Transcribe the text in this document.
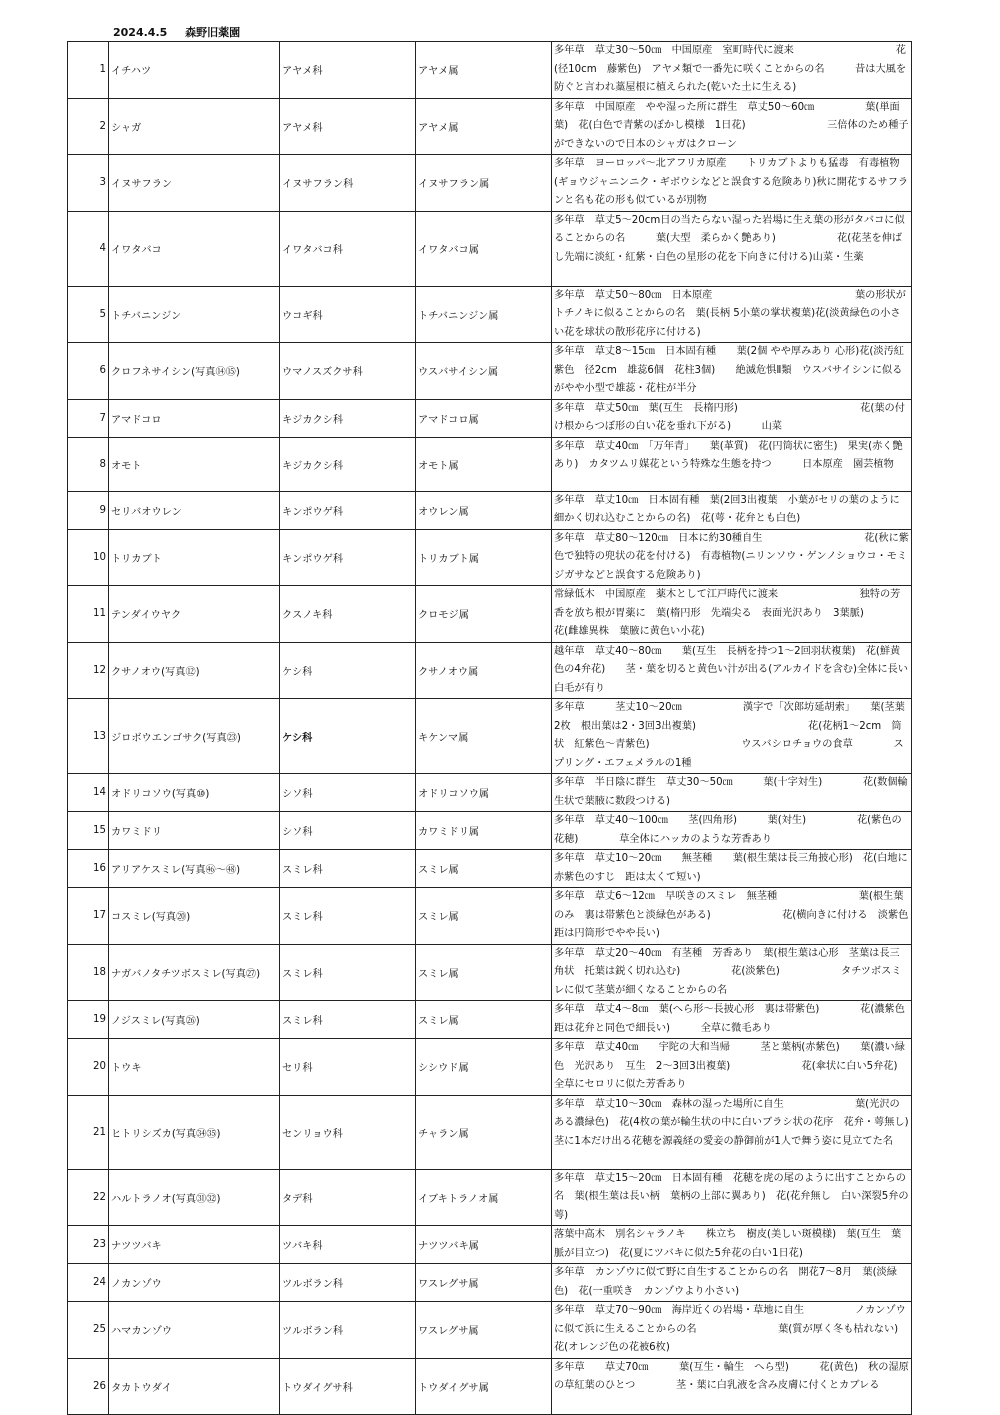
2024.4.5 森野旧薬園
1	イチハツ	アヤメ科	アヤメ属	多年草　草丈30～50㎝　中国原産　室町時代に渡来　　　　　　　　　　花(径10cm　藤紫色)　アヤメ類で一番先に咲くことからの名　　　昔は大風を防ぐと言われ藁屋根に植えられた(乾いた土に生える)
2	シャガ	アヤメ科	アヤメ属	多年草　中国原産　やや湿った所に群生　草丈50～60㎝　　　　　葉(単面葉)　花(白色で青紫のぼかし模様　1日花)　　　　　　　　三倍体のため種子ができないので日本のシャガはクローン
3	イヌサフラン	イヌサフラン科	イヌサフラン属	多年草　ヨーロッパ～北アフリカ原産　　トリカブトよりも猛毒　有毒植物(ギョウジャニンニク・ギボウシなどと誤食する危険あり)秋に開花するサフランと名も花の形も似ているが別物
4	イワタバコ	イワタバコ科	イワタバコ属	多年草　草丈5～20cm日の当たらない湿った岩場に生え葉の形がタバコに似ることからの名　　　葉(大型　柔らかく艶あり)　　　　　　花(花茎を伸ばし先端に淡紅・紅紫・白色の星形の花を下向きに付ける)山菜・生薬
5	トチバニンジン	ウコギ科	トチバニンジン属	多年草　草丈50～80㎝　日本原産　　　　　　　　　　　　　　葉の形状がトチノキに似ることからの名　葉(長柄 5小葉の掌状複葉)花(淡黄緑色の小さい花を球状の散形花序に付ける)
6	クロフネサイシン(写真⑭⑮)	ウマノスズクサ科	ウスバサイシン属	多年草　草丈8～15㎝　日本固有種　　葉(2個 やや厚みあり 心形)花(淡汚紅紫色　径2cm　雄蕊6個　花柱3個)　　絶滅危惧Ⅱ類　ウスバサイシンに似るがやや小型で雄蕊・花柱が半分
7	アマドコロ	キジカクシ科	アマドコロ属	多年草　草丈50㎝　葉(互生　長楕円形)　　　　　　　　　　　　花(葉の付け根からつぼ形の白い花を垂れ下がる)　　　山菜
8	オモト	キジカクシ科	オモト属	多年草　草丈40㎝　「万年青」　　葉(革質)　花(円筒状に密生)　果実(赤く艶あり)　カタツムリ媒花という特殊な生態を持つ　　　日本原産　園芸植物
9	セリバオウレン	キンポウゲ科	オウレン属	多年草　草丈10㎝　日本固有種　葉(2回3出複葉　小葉がセリの葉のように細かく切れ込むことからの名)　花(萼・花弁とも白色)
10	トリカブト	キンポウゲ科	トリカブト属	多年草　草丈80～120㎝　日本に約30種自生　　　　　　　　　　花(秋に紫色で独特の兜状の花を付ける)　有毒植物(ニリンソウ・ゲンノショウコ・モミジガサなどと誤食する危険あり)
11	テンダイウヤク	クスノキ科	クロモジ属	常緑低木　中国原産　薬木として江戸時代に渡来　　　　　　　　独特の芳香を放ち根が胃薬に　葉(楕円形　先端尖る　表面光沢あり　3葉脈)　　　　花(雌雄異株　葉腋に黄色い小花)
12	クサノオウ(写真⑫)	ケシ科	クサノオウ属	越年草　草丈40～80㎝　　葉(互生　長柄を持つ1～2回羽状複葉)　花(鮮黄色の4弁花)　　茎・葉を切ると黄色い汁が出る(アルカイドを含む)全体に長い白毛が有り
13	ジロボウエンゴサク(写真㉓)	ケシ科	キケンマ属	多年草　　　茎丈10～20㎝　　　　　　漢字で「次郎坊延胡索」　　葉(茎葉2枚　根出葉は2・3回3出複葉)　　　　　　　　　　　花(花柄1～2cm　筒状　紅紫色～青紫色)　　　　　　　　　ウスバシロチョウの食草　　　　スプリング・エフェメラルの1種
14	オドリコソウ(写真⑩)	シソ科	オドリコソウ属	多年草　半日陰に群生　草丈30～50㎝　　　葉(十字対生)　　　　花(数個輪生状で葉腋に数段つける)
15	カワミドリ	シソ科	カワミドリ属	多年草　草丈40～100㎝　　茎(四角形)　　　葉(対生)　　　　　花(紫色の花穂)　　　　草全体にハッカのような芳香あり
16	アリアケスミレ(写真㊻～㊽)	スミレ科	スミレ属	多年草　草丈10～20㎝　　無茎種　　葉(根生葉は長三角披心形)　花(白地に赤紫色のすじ　距は太くて短い)
17	コスミレ(写真⑳)	スミレ科	スミレ属	多年草　草丈6～12㎝　早咲きのスミレ　無茎種　　　　　　　　葉(根生葉のみ　裏は帯紫色と淡緑色がある)　　　　　　　花(横向きに付ける　淡紫色　距は円筒形でやや長い)
18	ナガバノタチツボスミレ(写真㉗)	スミレ科	スミレ属	多年草　草丈20～40㎝　有茎種　芳香あり　葉(根生葉は心形　茎葉は長三角状　托葉は鋭く切れ込む)　　　　　花(淡紫色)　　　　　　タチツボスミレに似て茎葉が細くなることからの名
19	ノジスミレ(写真㉖)	スミレ科	スミレ属	多年草　草丈4～8㎝　葉(へら形～長披心形　裏は帯紫色)　　　　花(濃紫色　距は花弁と同色で細長い)　　　全草に微毛あり
20	トウキ	セリ科	シシウド属	多年草　草丈40㎝　　宇陀の大和当帰　　　茎と葉柄(赤紫色)　　葉(濃い緑色　光沢あり　互生　2～3回3出複葉)　　　　　　　花(傘状に白い5弁花)　　　　　　　全草にセロリに似た芳香あり
21	ヒトリシズカ(写真㉞㉟)	センリョウ科	チャラン属	多年草　草丈10～30㎝　森林の湿った場所に自生　　　　　　　葉(光沢のある濃緑色)　花(4枚の葉が輪生状の中に白いブラシ状の花序　花弁・萼無し)　　茎に1本だけ出る花穂を源義経の愛妾の静御前が1人で舞う姿に見立てた名
22	ハルトラノオ(写真㉛㉜)	タデ科	イブキトラノオ属	多年草　草丈15～20㎝　日本固有種　花穂を虎の尾のように出すことからの名　葉(根生葉は長い柄　葉柄の上部に翼あり)　花(花弁無し　白い深裂5弁の萼)
23	ナツツバキ	ツバキ科	ナツツバキ属	落葉中高木　別名シャラノキ　　株立ち　樹皮(美しい斑模様)　葉(互生　葉脈が目立つ)　花(夏にツバキに似た5弁花の白い1日花)
24	ノカンゾウ	ツルボラン科	ワスレグサ属	多年草　カンゾウに似て野に自生することからの名　開花7～8月　葉(淡緑色)　花(一重咲き　カンゾウより小さい)
25	ハマカンゾウ	ツルボラン科	ワスレグサ属	多年草　草丈70～90㎝　海岸近くの岩場・草地に自生　　　　　ノカンゾウに似て浜に生えることからの名　　　　　　　　葉(質が厚く冬も枯れない)　花(オレンジ色の花被6枚)
26	タカトウダイ	トウダイグサ科	トウダイグサ属	多年草　　草丈70㎝　　　葉(互生・輪生　へら型)　　　花(黄色)　秋の湿原の草紅葉のひとつ　　　　茎・葉に白乳液を含み皮膚に付くとカブレる
